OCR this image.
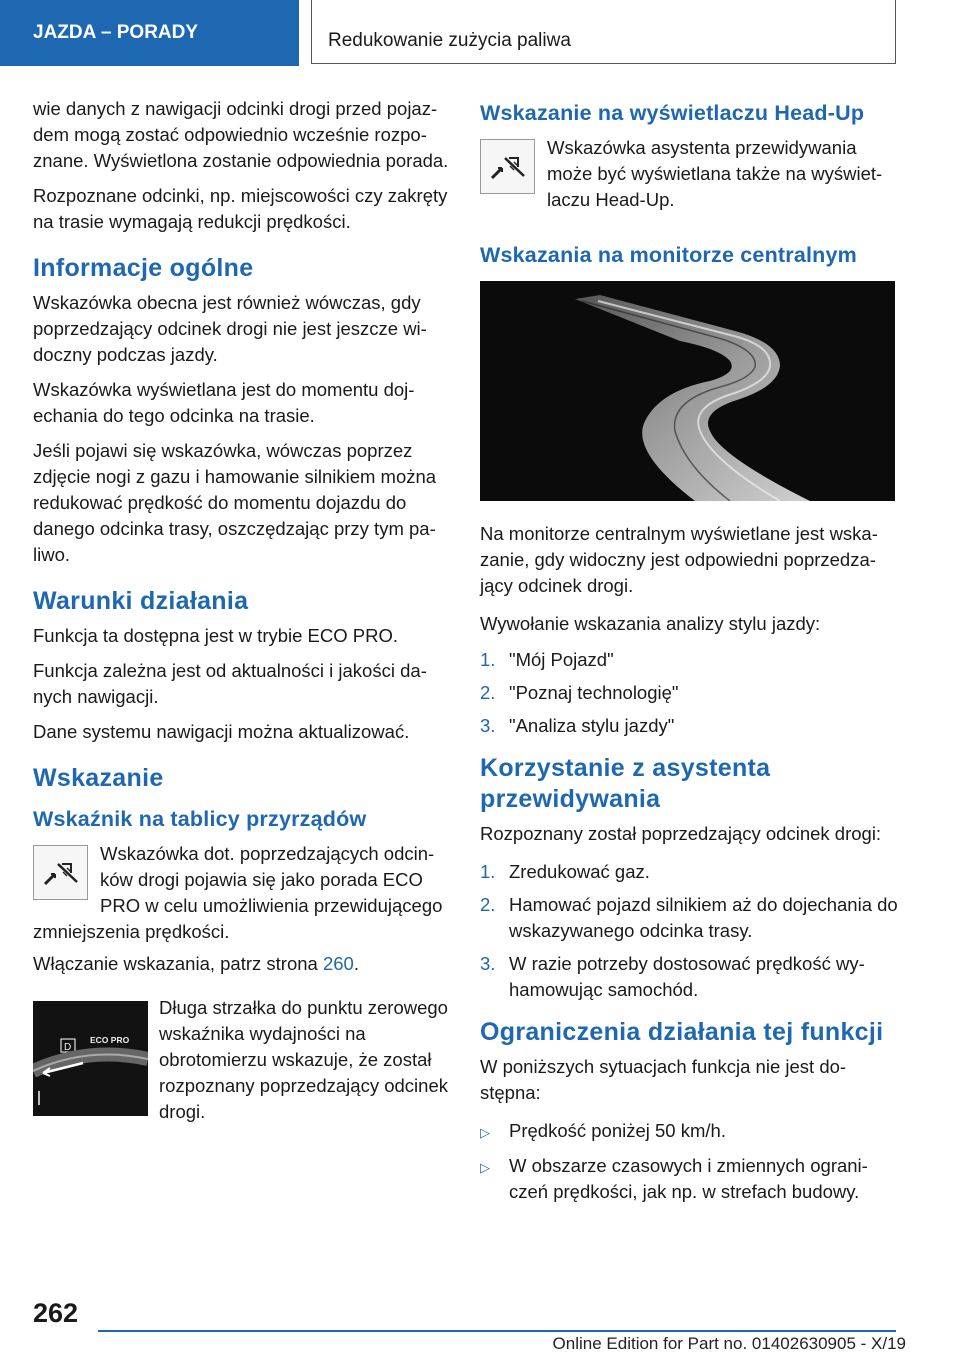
JAZDA – PORADY	Redukowanie zużycia paliwa

wie danych z nawigacji odcinki drogi przed pojazdem mogą zostać odpowiednio wcześnie rozpoznane. Wyświetlona zostanie odpowiednia porada.

Rozpoznane odcinki, np. miejscowości czy zakręty na trasie wymagają redukcji prędkości.

Informacje ogólne

Wskazówka obecna jest również wówczas, gdy poprzedzający odcinek drogi nie jest jeszcze widoczny podczas jazdy.

Wskazówka wyświetlana jest do momentu dojechania do tego odcinka na trasie.

Jeśli pojawi się wskazówka, wówczas poprzez zdjęcie nogi z gazu i hamowanie silnikiem można redukować prędkość do momentu dojazdu do danego odcinka trasy, oszczędzając przy tym paliwo.

Warunki działania

Funkcja ta dostępna jest w trybie ECO PRO.

Funkcja zależna jest od aktualności i jakości danych nawigacji.

Dane systemu nawigacji można aktualizować.

Wskazanie
Wskaźnik na tablicy przyrządów

Wskazówka dot. poprzedzających odcinków drogi pojawia się jako porada ECO PRO w celu umożliwienia przewidującego zmniejszenia prędkości.

Włączanie wskazania, patrz strona 260.

D
ECO PRO

Długa strzałka do punktu zerowego wskaźnika wydajności na obrotomierzu wskazuje, że został rozpoznany poprzedzający odcinek drogi.

Wskazanie na wyświetlaczu Head-Up

Wskazówka asystenta przewidywania może być wyświetlana także na wyświetlaczu Head-Up.

Wskazania na monitorze centralnym

Na monitorze centralnym wyświetlane jest wskazanie, gdy widoczny jest odpowiedni poprzedzający odcinek drogi.

Wywołanie wskazania analizy stylu jazdy:

1. "Mój Pojazd"
2. "Poznaj technologię"
3. "Analiza stylu jazdy"
Korzystanie z asystenta przewidywania

Rozpoznany został poprzedzający odcinek drogi:

1. Zredukować gaz.
2. Hamować pojazd silnikiem aż do dojechania do wskazywanego odcinka trasy.
3. W razie potrzeby dostosować prędkość wyhamowując samochód.
Ograniczenia działania tej funkcji

W poniższych sytuacjach funkcja nie jest dostępna:

▷	Prędkość poniżej 50 km/h.
▷	W obszarze czasowych i zmiennych ograniczeń prędkości, jak np. w strefach budowy.
262
Online Edition for Part no. 01402630905 - X/19
